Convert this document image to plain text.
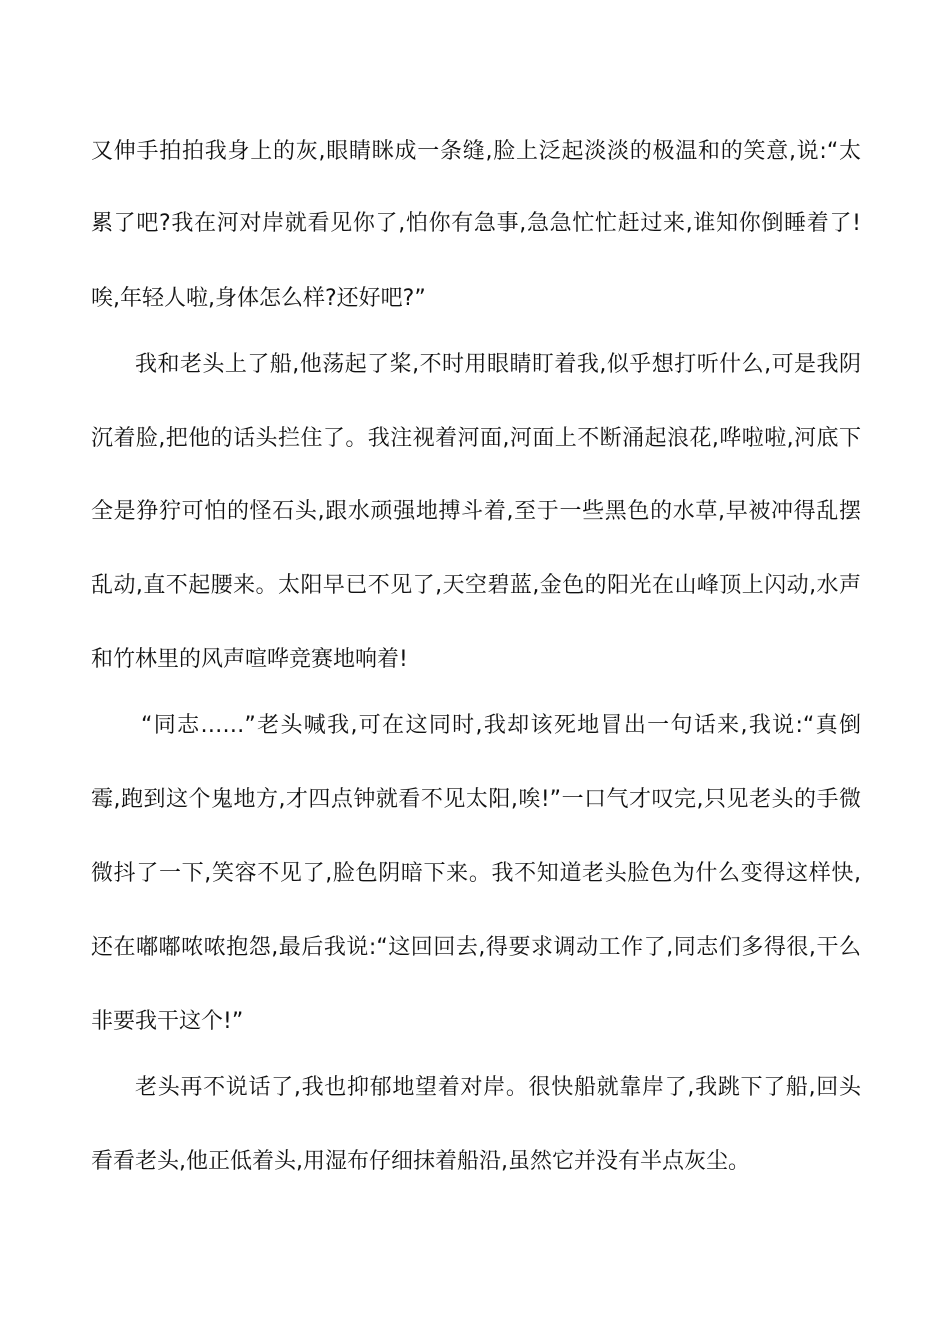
又伸手拍拍我身上的灰,眼睛眯成一条缝,脸上泛起淡淡的极温和的笑意,说:“太
累了吧?我在河对岸就看见你了,怕你有急事,急急忙忙赶过来,谁知你倒睡着了!
唉,年轻人啦,身体怎么样?还好吧?”
我和老头上了船,他荡起了桨,不时用眼睛盯着我,似乎想打听什么,可是我阴
沉着脸,把他的话头拦住了。我注视着河面,河面上不断涌起浪花,哗啦啦,河底下
全是狰狞可怕的怪石头,跟水顽强地搏斗着,至于一些黑色的水草,早被冲得乱摆
乱动,直不起腰来。太阳早已不见了,天空碧蓝,金色的阳光在山峰顶上闪动,水声
和竹林里的风声喧哗竞赛地响着!
“同志……”老头喊我,可在这同时,我却该死地冒出一句话来,我说:“真倒
霉,跑到这个鬼地方,才四点钟就看不见太阳,唉!”一口气才叹完,只见老头的手微
微抖了一下,笑容不见了,脸色阴暗下来。我不知道老头脸色为什么变得这样快,
还在嘟嘟哝哝抱怨,最后我说:“这回回去,得要求调动工作了,同志们多得很,干么
非要我干这个!”
老头再不说话了,我也抑郁地望着对岸。很快船就靠岸了,我跳下了船,回头
看看老头,他正低着头,用湿布仔细抹着船沿,虽然它并没有半点灰尘。
